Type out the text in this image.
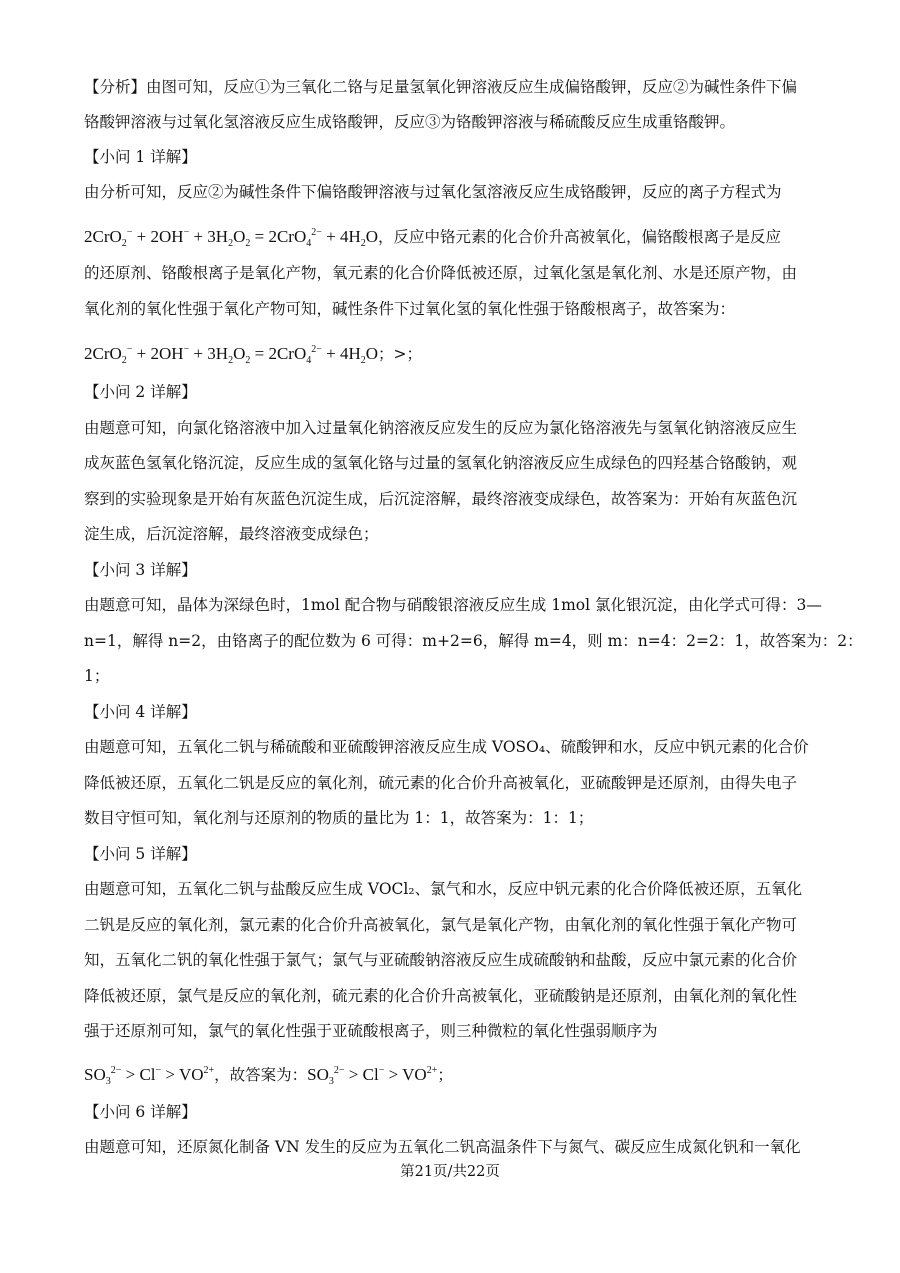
【分析】由图可知，反应①为三氧化二铬与足量氢氧化钾溶液反应生成偏铬酸钾，反应②为碱性条件下偏
铬酸钾溶液与过氧化氢溶液反应生成铬酸钾，反应③为铬酸钾溶液与稀硫酸反应生成重铬酸钾。
【小问 1 详解】
由分析可知，反应②为碱性条件下偏铬酸钾溶液与过氧化氢溶液反应生成铬酸钾，反应的离子方程式为
$2CrO_2^- + 2OH^- + 3H_2O_2 = 2CrO_4^{2-} + 4H_2O$，反应中铬元素的化合价升高被氧化，偏铬酸根离子是反应
的还原剂、铬酸根离子是氧化产物，氧元素的化合价降低被还原，过氧化氢是氧化剂、水是还原产物，由
氧化剂的氧化性强于氧化产物可知，碱性条件下过氧化氢的氧化性强于铬酸根离子，故答案为：
$2CrO_2^- + 2OH^- + 3H_2O_2 = 2CrO_4^{2-} + 4H_2O$；>；
【小问 2 详解】
由题意可知，向氯化铬溶液中加入过量氧化钠溶液反应发生的反应为氯化铬溶液先与氢氧化钠溶液反应生
成灰蓝色氢氧化铬沉淀，反应生成的氢氧化铬与过量的氢氧化钠溶液反应生成绿色的四羟基合铬酸钠，观
察到的实验现象是开始有灰蓝色沉淀生成，后沉淀溶解，最终溶液变成绿色，故答案为：开始有灰蓝色沉
淀生成，后沉淀溶解，最终溶液变成绿色；
【小问 3 详解】
由题意可知，晶体为深绿色时，1mol 配合物与硝酸银溶液反应生成 1mol 氯化银沉淀，由化学式可得：3—
n=1，解得 n=2，由铬离子的配位数为 6 可得：m+2=6，解得 m=4，则 m：n=4：2=2：1，故答案为：2：
1；
【小问 4 详解】
由题意可知，五氧化二钒与稀硫酸和亚硫酸钾溶液反应生成 VOSO₄、硫酸钾和水，反应中钒元素的化合价
降低被还原，五氧化二钒是反应的氧化剂，硫元素的化合价升高被氧化，亚硫酸钾是还原剂，由得失电子
数目守恒可知，氧化剂与还原剂的物质的量比为 1：1，故答案为：1：1；
【小问 5 详解】
由题意可知，五氧化二钒与盐酸反应生成 VOCl₂、氯气和水，反应中钒元素的化合价降低被还原，五氧化
二钒是反应的氧化剂，氯元素的化合价升高被氧化，氯气是氧化产物，由氧化剂的氧化性强于氧化产物可
知，五氧化二钒的氧化性强于氯气；氯气与亚硫酸钠溶液反应生成硫酸钠和盐酸，反应中氯元素的化合价
降低被还原，氯气是反应的氧化剂，硫元素的化合价升高被氧化，亚硫酸钠是还原剂，由氧化剂的氧化性
强于还原剂可知，氯气的氧化性强于亚硫酸根离子，则三种微粒的氧化性强弱顺序为
$SO_3^{2-} > Cl^- > VO^{2+}$，故答案为：$SO_3^{2-} > Cl^- > VO^{2+}$；
【小问 6 详解】
由题意可知，还原氮化制备 VN 发生的反应为五氧化二钒高温条件下与氮气、碳反应生成氮化钒和一氧化
第21页/共22页
